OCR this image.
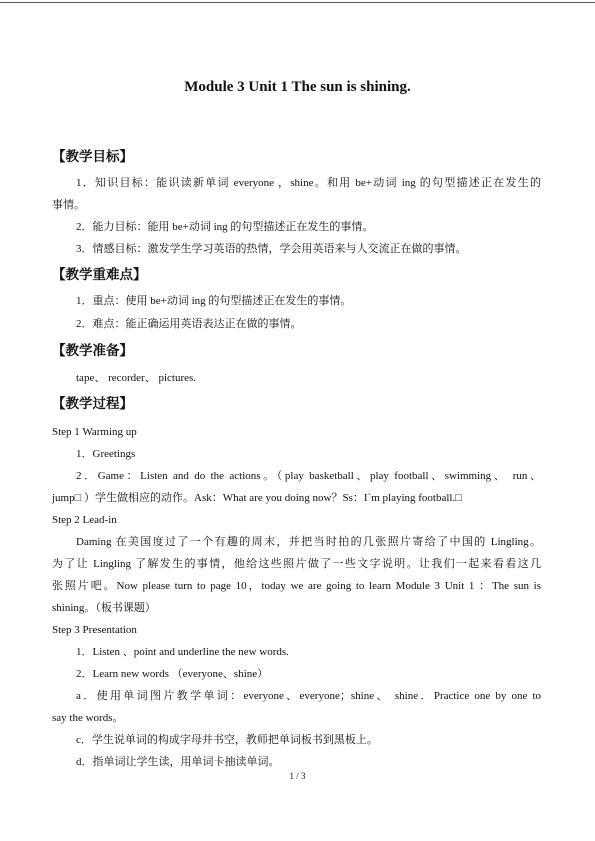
Module 3 Unit 1 The sun is shining.
【教学目标】
1．知识目标：能识读新单词 everyone ，shine。和用 be+动词 ing 的句型描述正在发生的
事情。
2．能力目标：能用 be+动词 ing 的句型描述正在发生的事情。
3．情感目标：激发学生学习英语的热情，学会用英语来与人交流正在做的事情。
【教学重难点】
1．重点：使用 be+动词 ing 的句型描述正在发生的事情。
2．难点：能正确运用英语表达正在做的事情。
【教学准备】
tape、 recorder、 pictures.
【教学过程】
Step 1 Warming up
1．Greetings
2．Game：Listen and do the actions。（play basketball、play football、swimming、 run、
jump□ ）学生做相应的动作。Ask：What are you doing now？Ss：I`m playing football.□
Step 2 Lead-in
Daming 在美国度过了一个有趣的周末，并把当时拍的几张照片寄给了中国的 Lingling。
为了让 Lingling 了解发生的事情，他给这些照片做了一些文字说明。让我们一起来看看这几
张照片吧。Now please turn to page 10，today we are going to learn Module 3 Unit 1 ：The sun is
shining。（板书课题）
Step 3 Presentation
1．Listen 、point and underline the new words.
2．Learn new words （everyone、shine）
a．使用单词图片教学单词：everyone、everyone；shine、 shine．Practice one by one to
say the words。
c．学生说单词的构成字母并书空，教师把单词板书到黑板上。
d．指单词让学生读，用单词卡抽读单词。
1 / 3
